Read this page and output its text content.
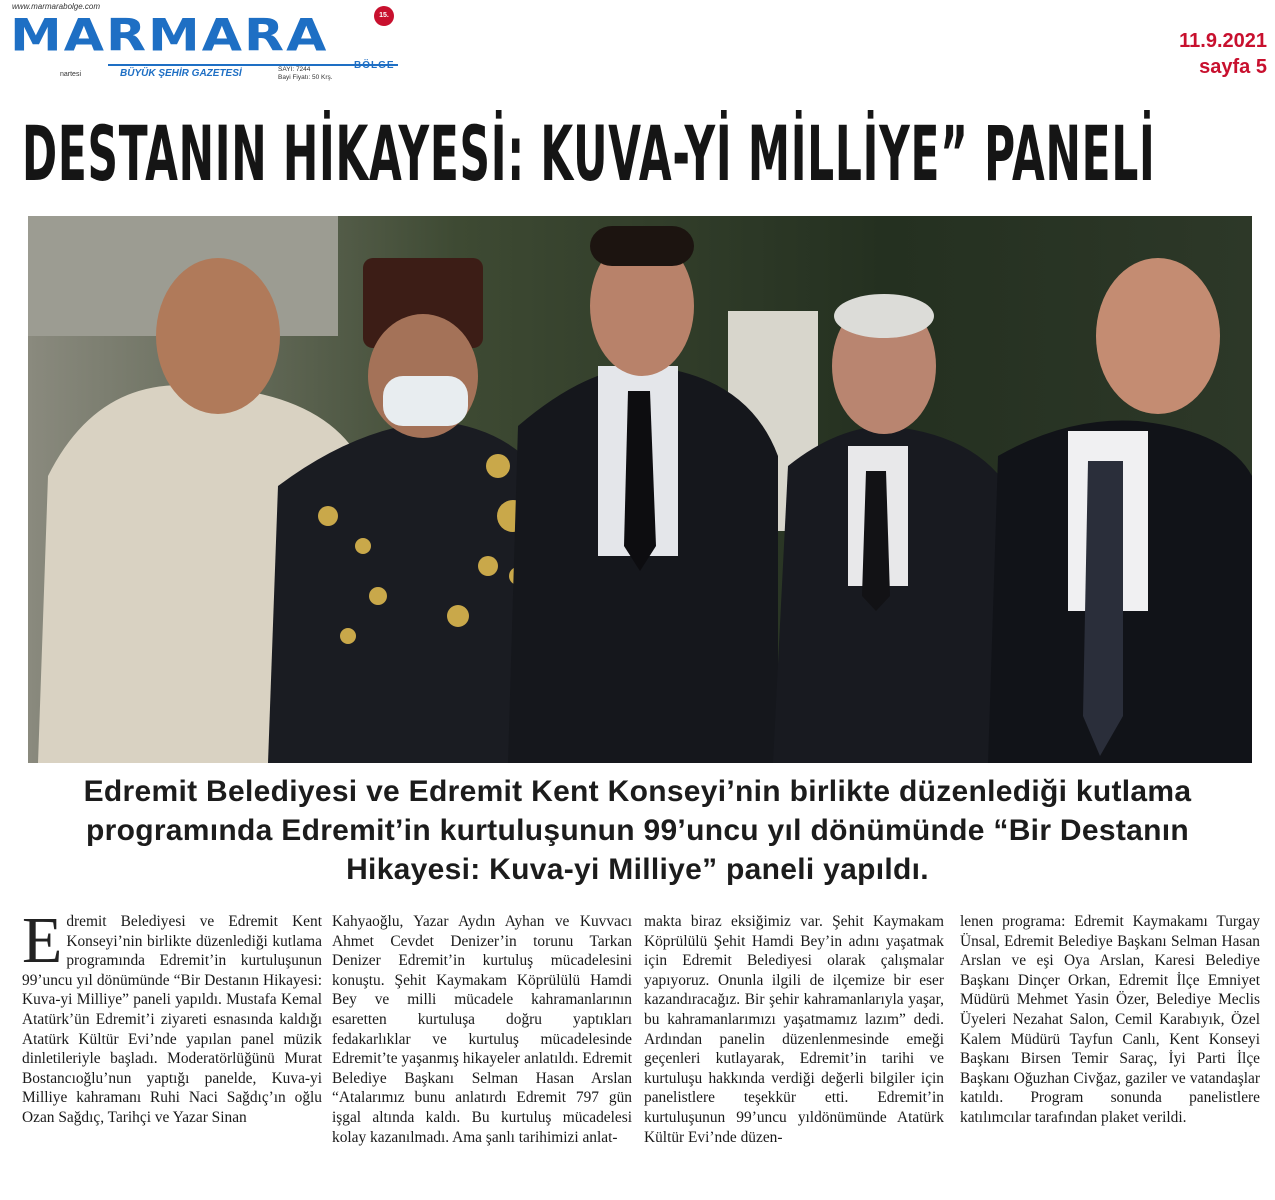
www.marmarabolge.com
MARMARA	15.
nartesi	BÜYÜK ŞEHİR GAZETESİ	SAYI: 7244
Bayi Fiyatı: 50 Krş.
BÖLGE
11.9.2021
sayfa 5
DESTANIN HİKAYESİ: KUVA-Yİ MİLLİYE” PANELİ
Edremit Belediyesi ve Edremit Kent Konseyi’nin birlikte düzenlediği kutlama programında Edremit’in kurtuluşunun 99’uncu yıl dönümünde “Bir Destanın Hikayesi: Kuva-yi Milliye” paneli yapıldı.
E dremit Belediyesi ve Edremit Kent Konseyi’nin birlikte düzenlediği kutlama programında Edremit’in kurtuluşunun 99’uncu yıl dönümünde “Bir Destanın Hikayesi: Kuva-yi Milliye” paneli yapıldı. Mustafa Kemal Atatürk’ün Edremit’i ziyareti esnasında kaldığı Atatürk Kültür Evi’nde yapılan panel müzik dinletileriyle başladı. Moderatörlüğünü Murat Bostancıoğlu’nun yaptığı panelde, Kuva-yi Milliye kahramanı Ruhi Naci Sağdıç’ın oğlu Ozan Sağdıç, Tarihçi ve Yazar Sinan

Kahyaoğlu, Yazar Aydın Ayhan ve Kuvvacı Ahmet Cevdet Denizer’in torunu Tarkan Denizer Edremit’in kurtuluş mücadelesini konuştu. Şehit Kaymakam Köprülülü Hamdi Bey ve milli mücadele kahramanlarının esaretten kurtuluşa doğru yaptıkları fedakarlıklar ve kurtuluş mücadelesinde Edremit’te yaşanmış hikayeler anlatıldı. Edremit Belediye Başkanı Selman Hasan Arslan “Atalarımız bunu anlatırdı Edremit 797 gün işgal altında kaldı. Bu kurtuluş mücadelesi kolay kazanılmadı. Ama şanlı tarihimizi anlat-

makta biraz eksiğimiz var. Şehit Kaymakam Köprülülü Şehit Hamdi Bey’in adını yaşatmak için Edremit Belediyesi olarak çalışmalar yapıyoruz. Onunla ilgili de ilçemize bir eser kazandıracağız. Bir şehir kahramanlarıyla yaşar, bu kahramanlarımızı yaşatmamız lazım” dedi. Ardından panelin düzenlenmesinde emeği geçenleri kutlayarak, Edremit’in tarihi ve kurtuluşu hakkında verdiği değerli bilgiler için panelistlere teşekkür etti. Edremit’in kurtuluşunun 99’uncu yıldönümünde Atatürk Kültür Evi’nde düzen-

lenen programa: Edremit Kaymakamı Turgay Ünsal, Edremit Belediye Başkanı Selman Hasan Arslan ve eşi Oya Arslan, Karesi Belediye Başkanı Dinçer Orkan, Edremit İlçe Emniyet Müdürü Mehmet Yasin Özer, Belediye Meclis Üyeleri Nezahat Salon, Cemil Karabıyık, Özel Kalem Müdürü Tayfun Canlı, Kent Konseyi Başkanı Birsen Temir Saraç, İyi Parti İlçe Başkanı Oğuzhan Civğaz, gaziler ve vatandaşlar katıldı. Program sonunda panelistlere katılımcılar tarafından plaket verildi.
